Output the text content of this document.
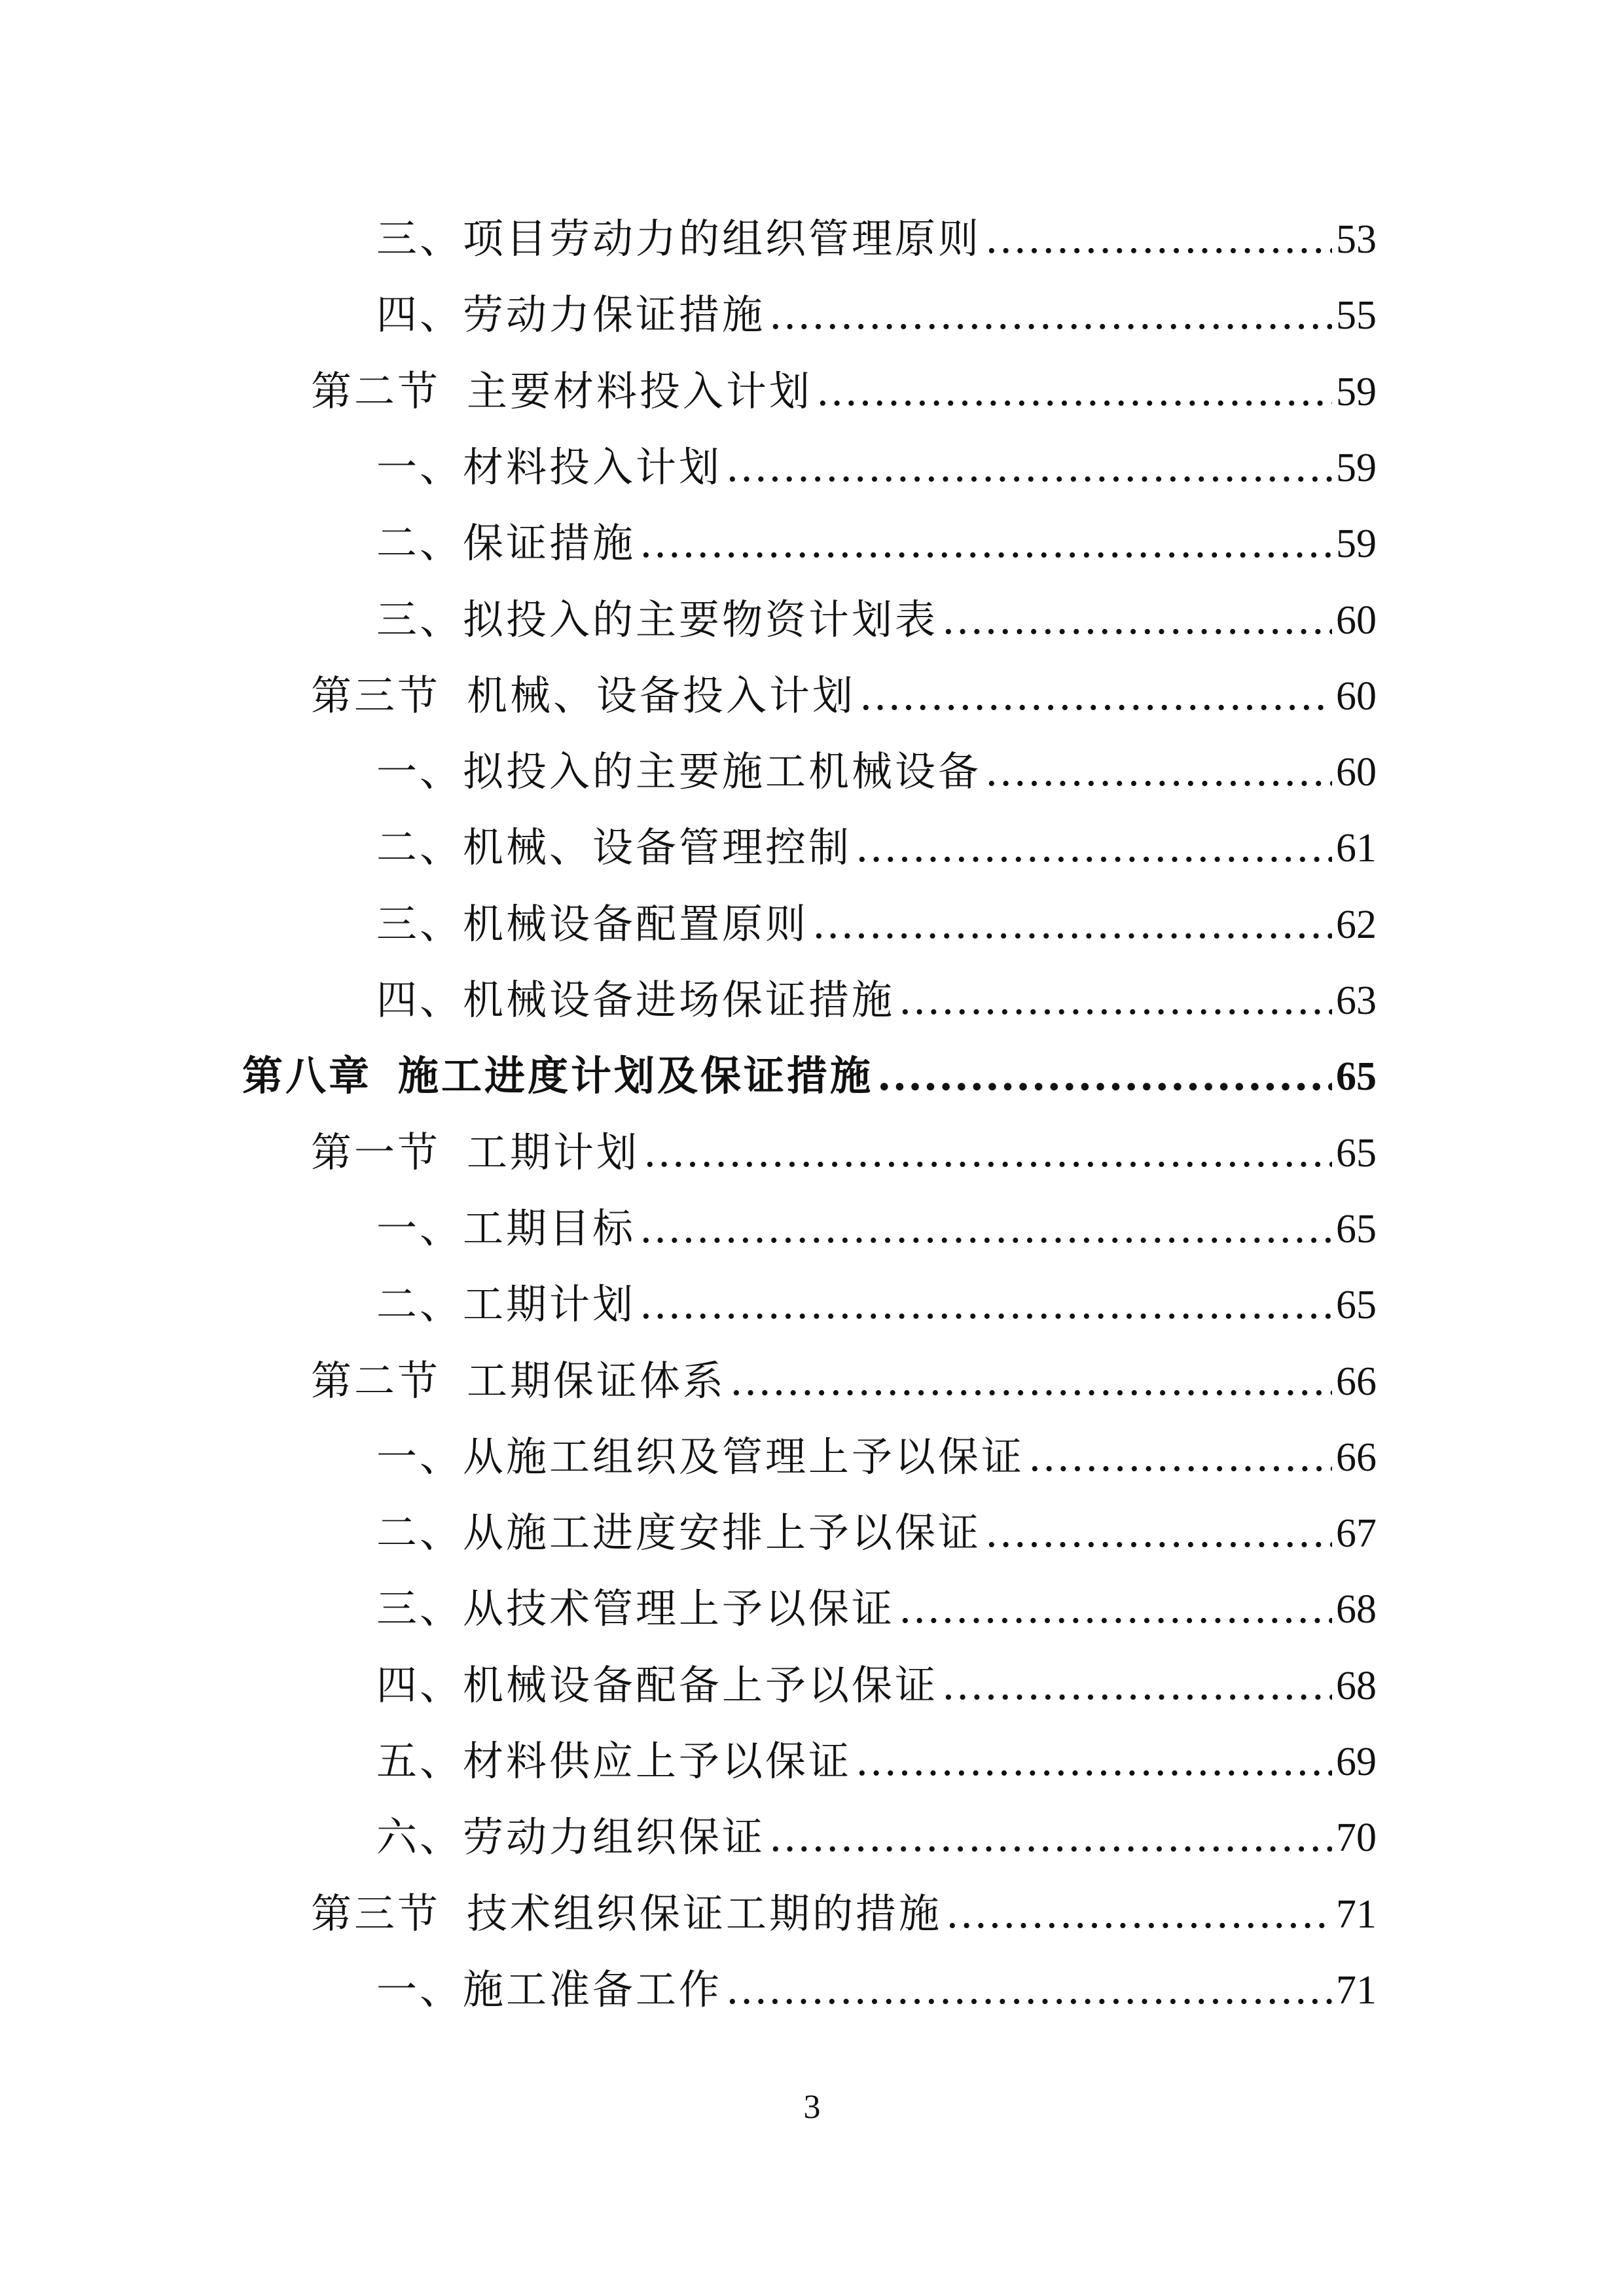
三、项目劳动力的组织管理原则 .....	53
四、劳动力保证措施 .....	55
第二节 主要材料投入计划 .....	59
一、材料投入计划 .....	59
二、保证措施 .....	59
三、拟投入的主要物资计划表 .....	60
第三节 机械、设备投入计划 .....	60
一、拟投入的主要施工机械设备 .....	60
二、机械、设备管理控制 .....	61
三、机械设备配置原则 .....	62
四、机械设备进场保证措施 .....	63
第八章 施工进度计划及保证措施 .....	65
第一节 工期计划 .....	65
一、工期目标 .....	65
二、工期计划 .....	65
第二节 工期保证体系 .....	66
一、从施工组织及管理上予以保证 .....	66
二、从施工进度安排上予以保证 .....	67
三、从技术管理上予以保证 .....	68
四、机械设备配备上予以保证 .....	68
五、材料供应上予以保证 .....	69
六、劳动力组织保证 .....	70
第三节 技术组织保证工期的措施 .....	71
一、施工准备工作 .....	71
3
